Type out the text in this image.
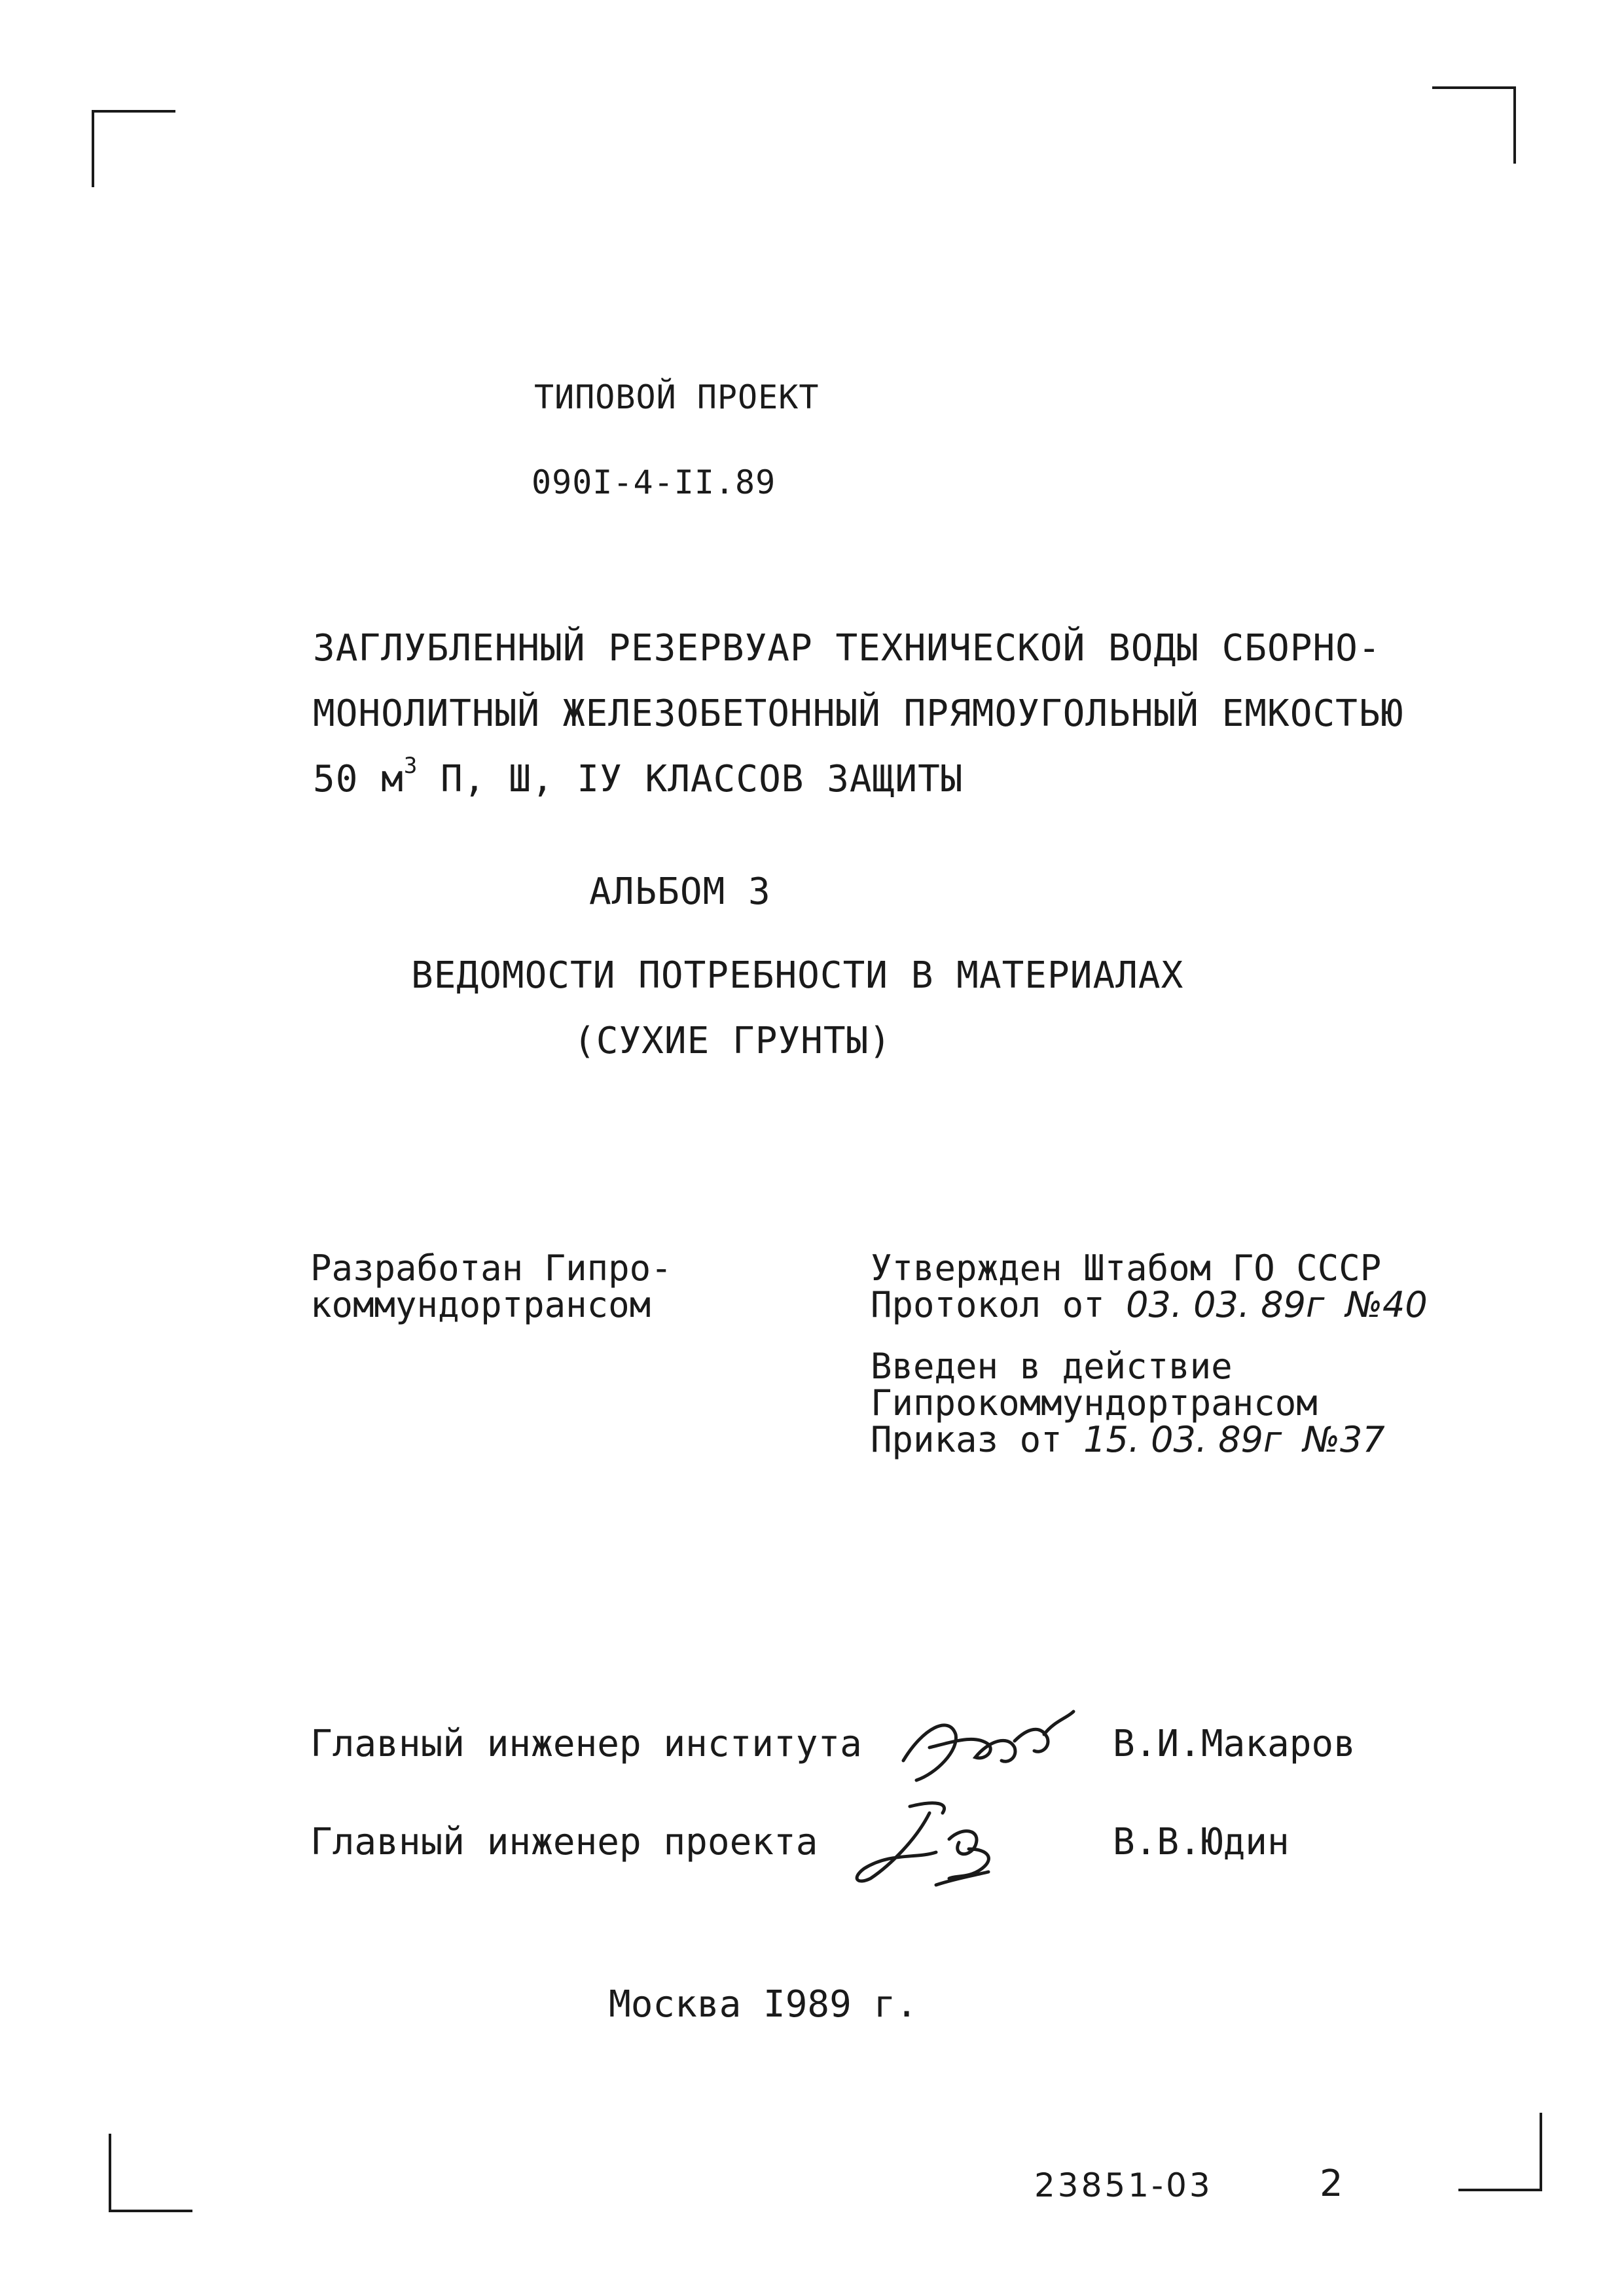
ТИПОВОЙ ПРОЕКТ
090I-4-II.89
ЗАГЛУБЛЕННЫЙ РЕЗЕРВУАР ТЕХНИЧЕСКОЙ ВОДЫ СБОРНО-
МОНОЛИТНЫЙ ЖЕЛЕЗОБЕТОННЫЙ ПРЯМОУГОЛЬНЫЙ ЕМКОСТЬЮ
50 $м^3$ П, Ш, IУ КЛАССОВ ЗАЩИТЫ
АЛЬБОМ 3
ВЕДОМОСТИ ПОТРЕБНОСТИ В МАТЕРИАЛАХ
(СУХИЕ ГРУНТЫ)
Разработан Гипро-
коммундортрансом
Утвержден Штабом ГО СССР
Протокол от 03. 03. 89г №40
Введен в действие
Гипрокоммундортрансом
Приказ от 15. 03. 89г №37
Главный инженер института	В.И.Макаров
Главный инженер проекта	В.В.Юдин
Москва I989 г.
23851-03	2
